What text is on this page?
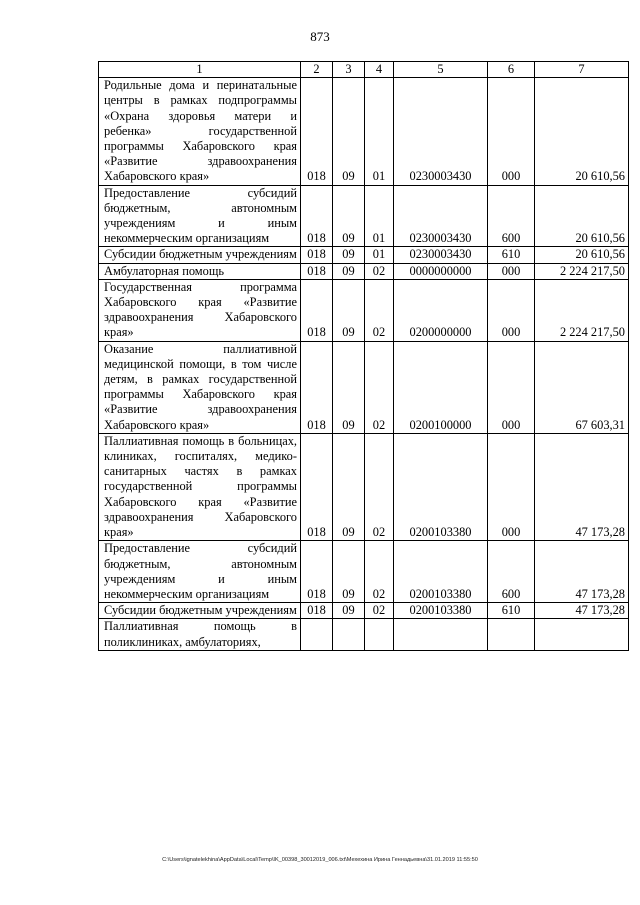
873
1	2	3	4	5	6	7
Родильные дома и перинатальные центры в рамках подпрограммы «Охрана здоровья матери и ребенка» государственной программы Хабаровского края «Развитие здравоохранения Хабаровского края»	018	09	01	0230003430	000	20 610,56
Предоставление субсидий бюджетным, автономным учреждениям и иным некоммерческим организациям	018	09	01	0230003430	600	20 610,56
Субсидии бюджетным учреждениям	018	09	01	0230003430	610	20 610,56
Амбулаторная помощь	018	09	02	0000000000	000	2 224 217,50
Государственная программа Хабаровского края «Развитие здравоохранения Хабаровского края»	018	09	02	0200000000	000	2 224 217,50
Оказание паллиативной медицинской помощи, в том числе детям, в рамках государственной программы Хабаровского края «Развитие здравоохранения Хабаровского края»	018	09	02	0200100000	000	67 603,31
Паллиативная помощь в больницах, клиниках, госпиталях, медико-санитарных частях в рамках государственной программы Хабаровского края «Развитие здравоохранения Хабаровского края»	018	09	02	0200103380	000	47 173,28
Предоставление субсидий бюджетным, автономным учреждениям и иным некоммерческим организациям	018	09	02	0200103380	600	47 173,28
Субсидии бюджетным учреждениям	018	09	02	0200103380	610	47 173,28
Паллиативная помощь в поликлиниках, амбулаториях,						
C:\Users\ignatelekhina\AppData\Local\Temp\IK_00398_30012019_006.txt\Мехехина Ирина Геннадьевна\31.01.2019 11:55:50
